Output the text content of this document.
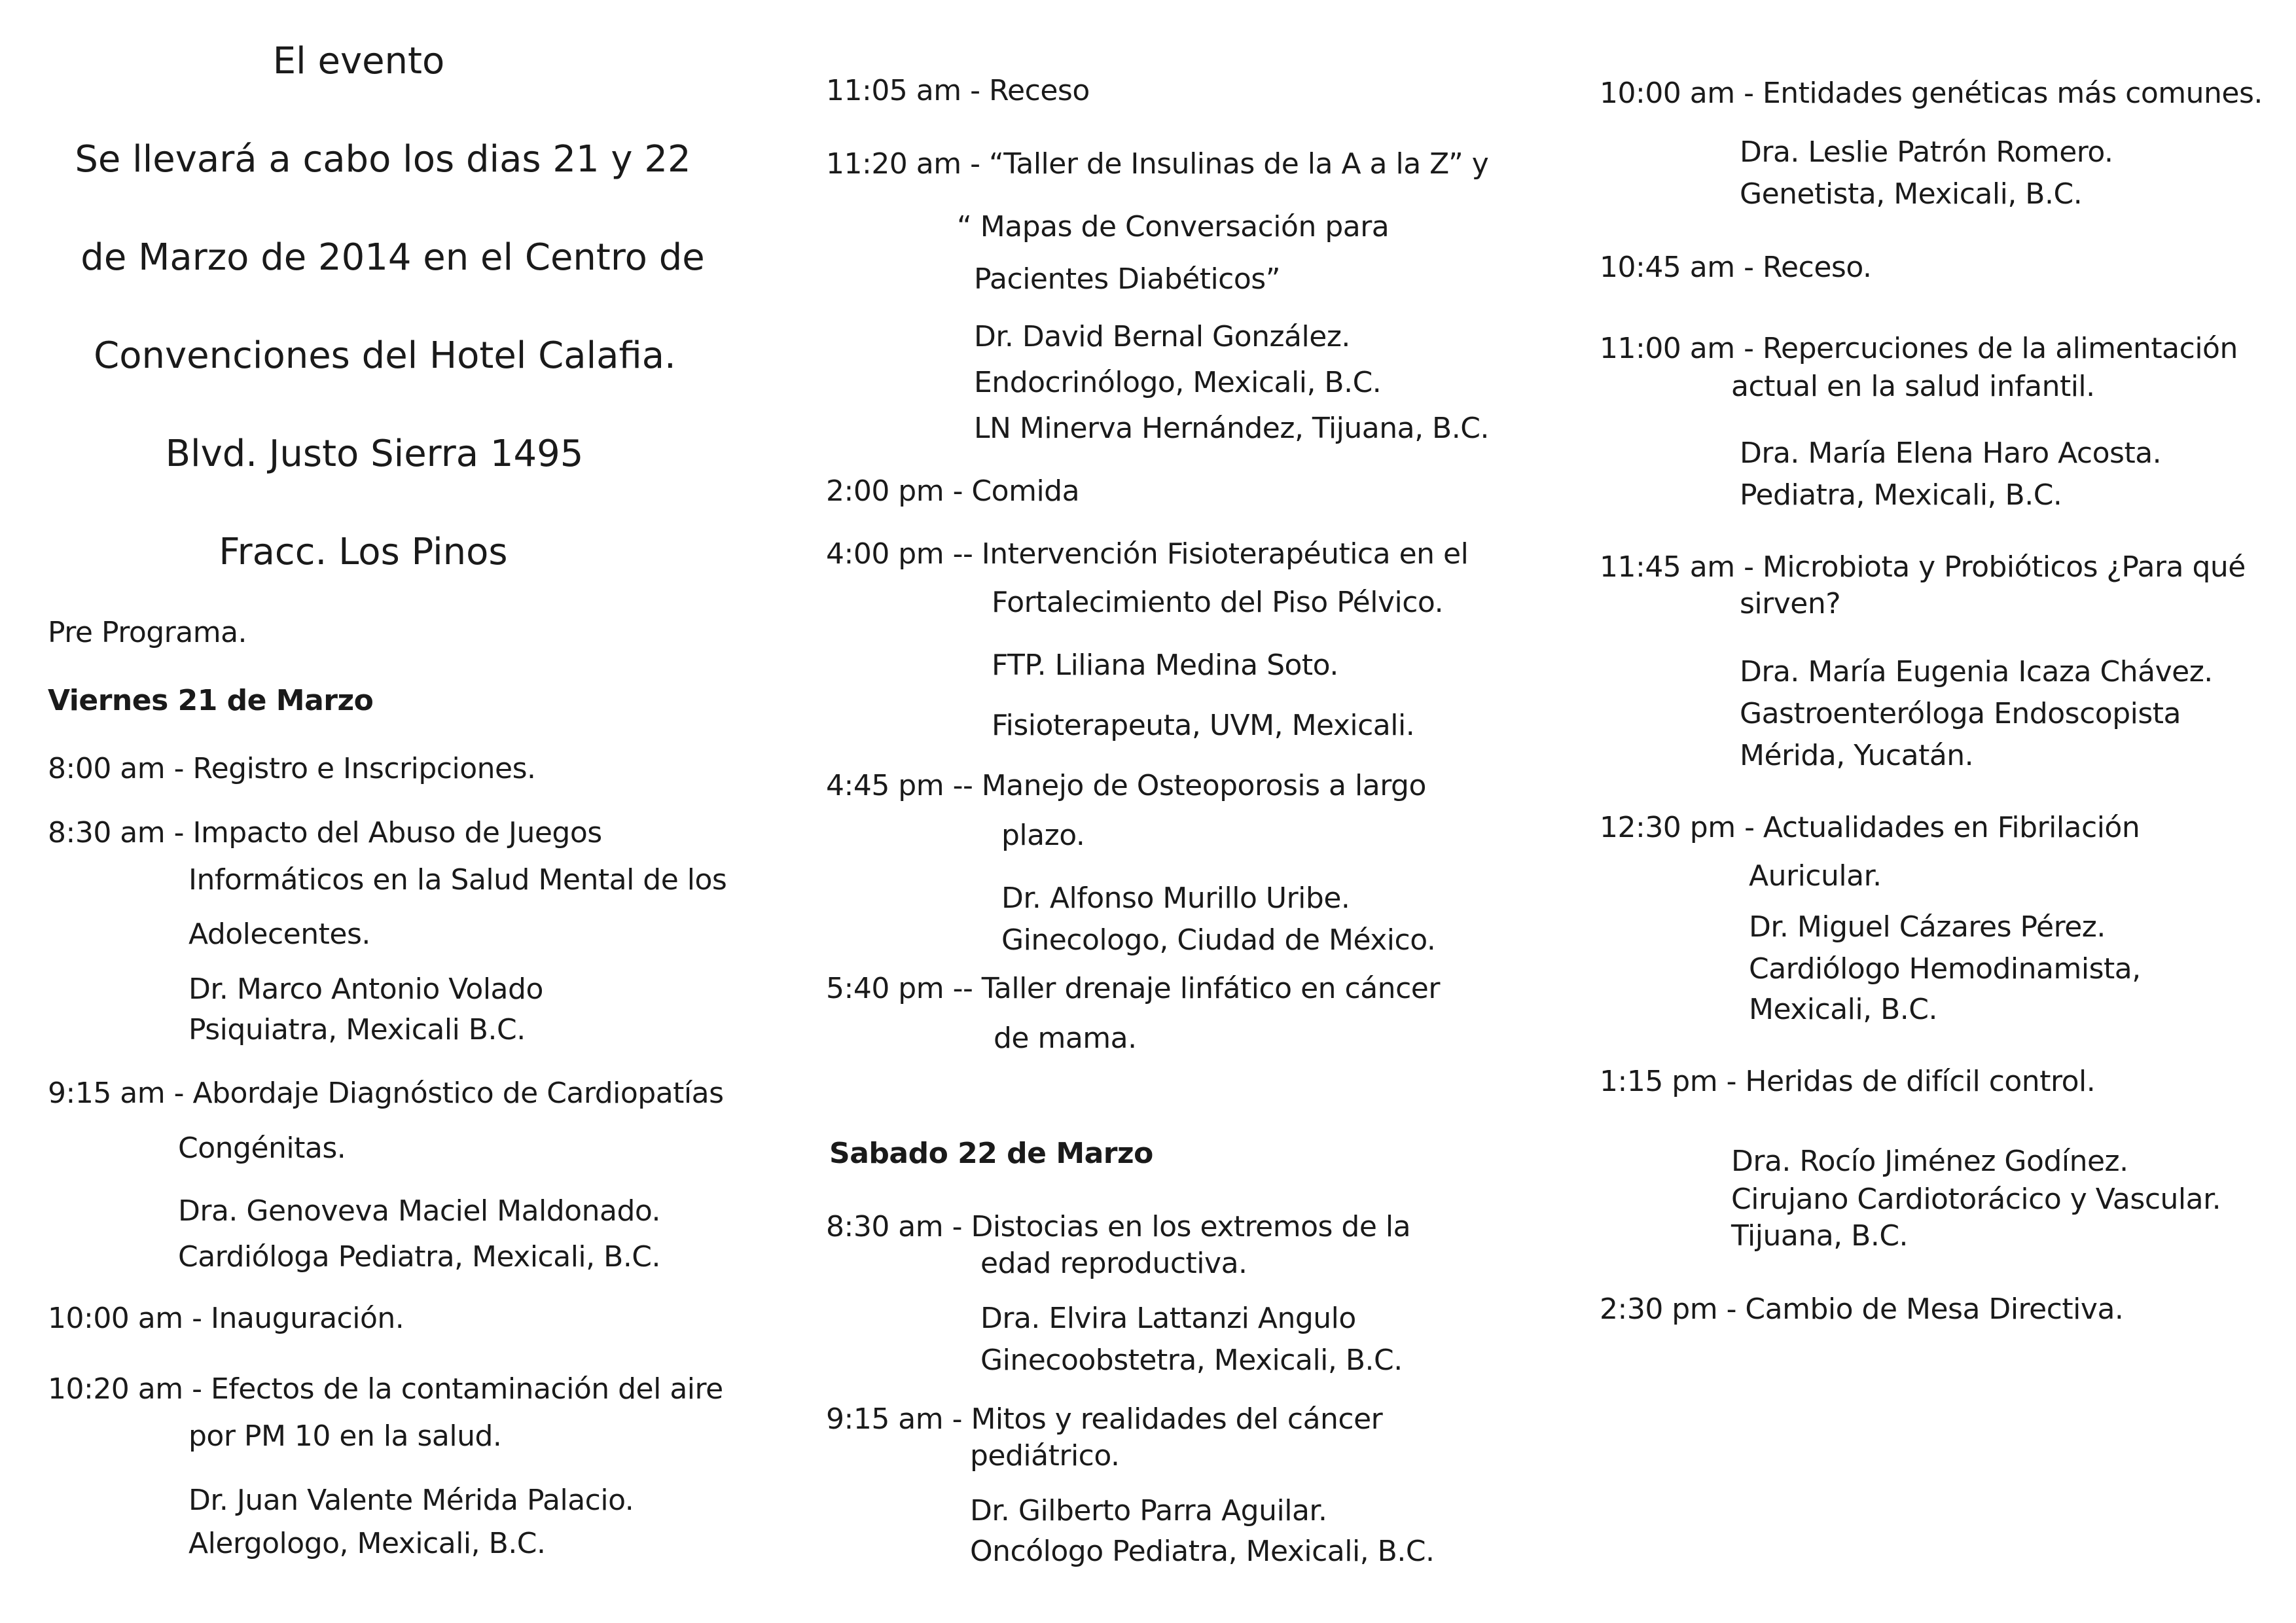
El evento
Se llevará a cabo los dias 21 y 22
de Marzo de 2014 en el Centro de
Convenciones del Hotel Calafia.
Blvd. Justo Sierra 1495
Fracc. Los Pinos
Pre Programa.
Viernes 21 de Marzo
8:00 am - Registro e Inscripciones.
8:30 am - Impacto del Abuso de Juegos
Informáticos en la Salud Mental de los
Adolecentes.
Dr. Marco Antonio Volado
Psiquiatra, Mexicali B.C.
9:15 am - Abordaje Diagnóstico de Cardiopatías
Congénitas.
Dra. Genoveva Maciel Maldonado.
Cardióloga Pediatra, Mexicali, B.C.
10:00 am - Inauguración.
10:20 am - Efectos de la contaminación del aire
por PM 10 en la salud.
Dr. Juan Valente Mérida Palacio.
Alergologo, Mexicali, B.C.
11:05 am - Receso
11:20 am - “Taller de Insulinas de la A a la Z” y
“ Mapas de Conversación para
Pacientes Diabéticos”
Dr. David Bernal González.
Endocrinólogo, Mexicali, B.C.
LN Minerva Hernández, Tijuana, B.C.
2:00 pm - Comida
4:00 pm -- Intervención Fisioterapéutica en el
Fortalecimiento del Piso Pélvico.
FTP. Liliana Medina Soto.
Fisioterapeuta, UVM, Mexicali.
4:45 pm -- Manejo de Osteoporosis a largo
plazo.
Dr. Alfonso Murillo Uribe.
Ginecologo, Ciudad de México.
5:40 pm -- Taller drenaje linfático en cáncer
de mama.
Sabado 22 de Marzo
8:30 am - Distocias en los extremos de la
edad reproductiva.
Dra. Elvira Lattanzi Angulo
Ginecoobstetra, Mexicali, B.C.
9:15 am - Mitos y realidades del cáncer
pediátrico.
Dr. Gilberto Parra Aguilar.
Oncólogo Pediatra, Mexicali, B.C.
10:00 am - Entidades genéticas más comunes.
Dra. Leslie Patrón Romero.
Genetista, Mexicali, B.C.
10:45 am - Receso.
11:00 am - Repercuciones de la alimentación
actual en la salud infantil.
Dra. María Elena Haro Acosta.
Pediatra, Mexicali, B.C.
11:45 am - Microbiota y Probióticos ¿Para qué
sirven?
Dra. María Eugenia Icaza Chávez.
Gastroenteróloga Endoscopista
Mérida, Yucatán.
12:30 pm - Actualidades en Fibrilación
Auricular.
Dr. Miguel Cázares Pérez.
Cardiólogo Hemodinamista,
Mexicali, B.C.
1:15 pm - Heridas de difícil control.
Dra. Rocío Jiménez Godínez.
Cirujano Cardiotorácico y Vascular.
Tijuana, B.C.
2:30 pm - Cambio de Mesa Directiva.
